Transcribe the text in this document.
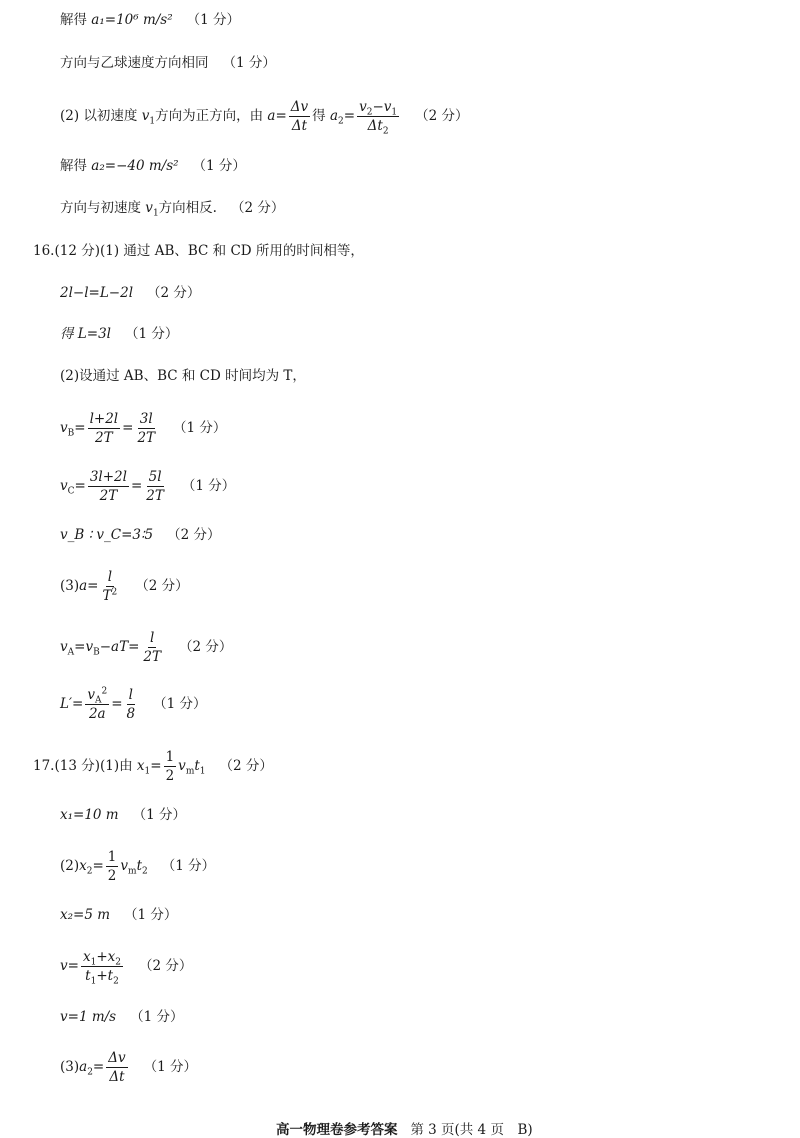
解得 a₁=10⁶ m/s² （1 分）
方向与乙球速度方向相同 （1 分）
(2) 以初速度 $v_1$ 方向为正方向，由 $a= \frac{\Delta v}{\Delta t}$ 得 $a_2= \frac{v_2-v_1}{\Delta t_2} (2$ 分）
解得 a₂=−40 m/s² （1 分）
方向与初速度 $v_1$ 方向相反. （2 分）
16. (12 分)(1) 通过 AB、BC 和 CD 所用的时间相等，
2l−l=L−2l （2 分）
得 L=3l （1 分）
(2)设通过 AB、BC 和 CD 时间均为 T，
$v_B= \frac{l+2l}{2T} = \frac{3l}{2T} (1$ 分）
$v_C= \frac{3l+2l}{2T} = \frac{5l}{2T} (1$ 分）
v_B ∶ v_C=3∶5 （2 分）
(3) $a= \frac{l}{T^2} (2$ 分）
$v_A=v_B-aT= \frac{l}{2T} (2$ 分）
$L'= \frac{v_A^2}{2a} = \frac{l}{8} (1$ 分）
17. (13 分)(1)由 $x_1= \frac{1}{2} v_mt_1$ （2 分）
x₁=10 m （1 分）
(2) $x_2= \frac{1}{2} v_mt_2$ （1 分）
x₂=5 m （1 分）
$v= \frac{x_1+x_2}{t_1+t_2} (2$ 分）
v=1 m/s （1 分）
(3) $a_2= \frac{\Delta v}{\Delta t} (1$ 分）

高一物理卷参考答案 第 3 页(共 4 页　B)
